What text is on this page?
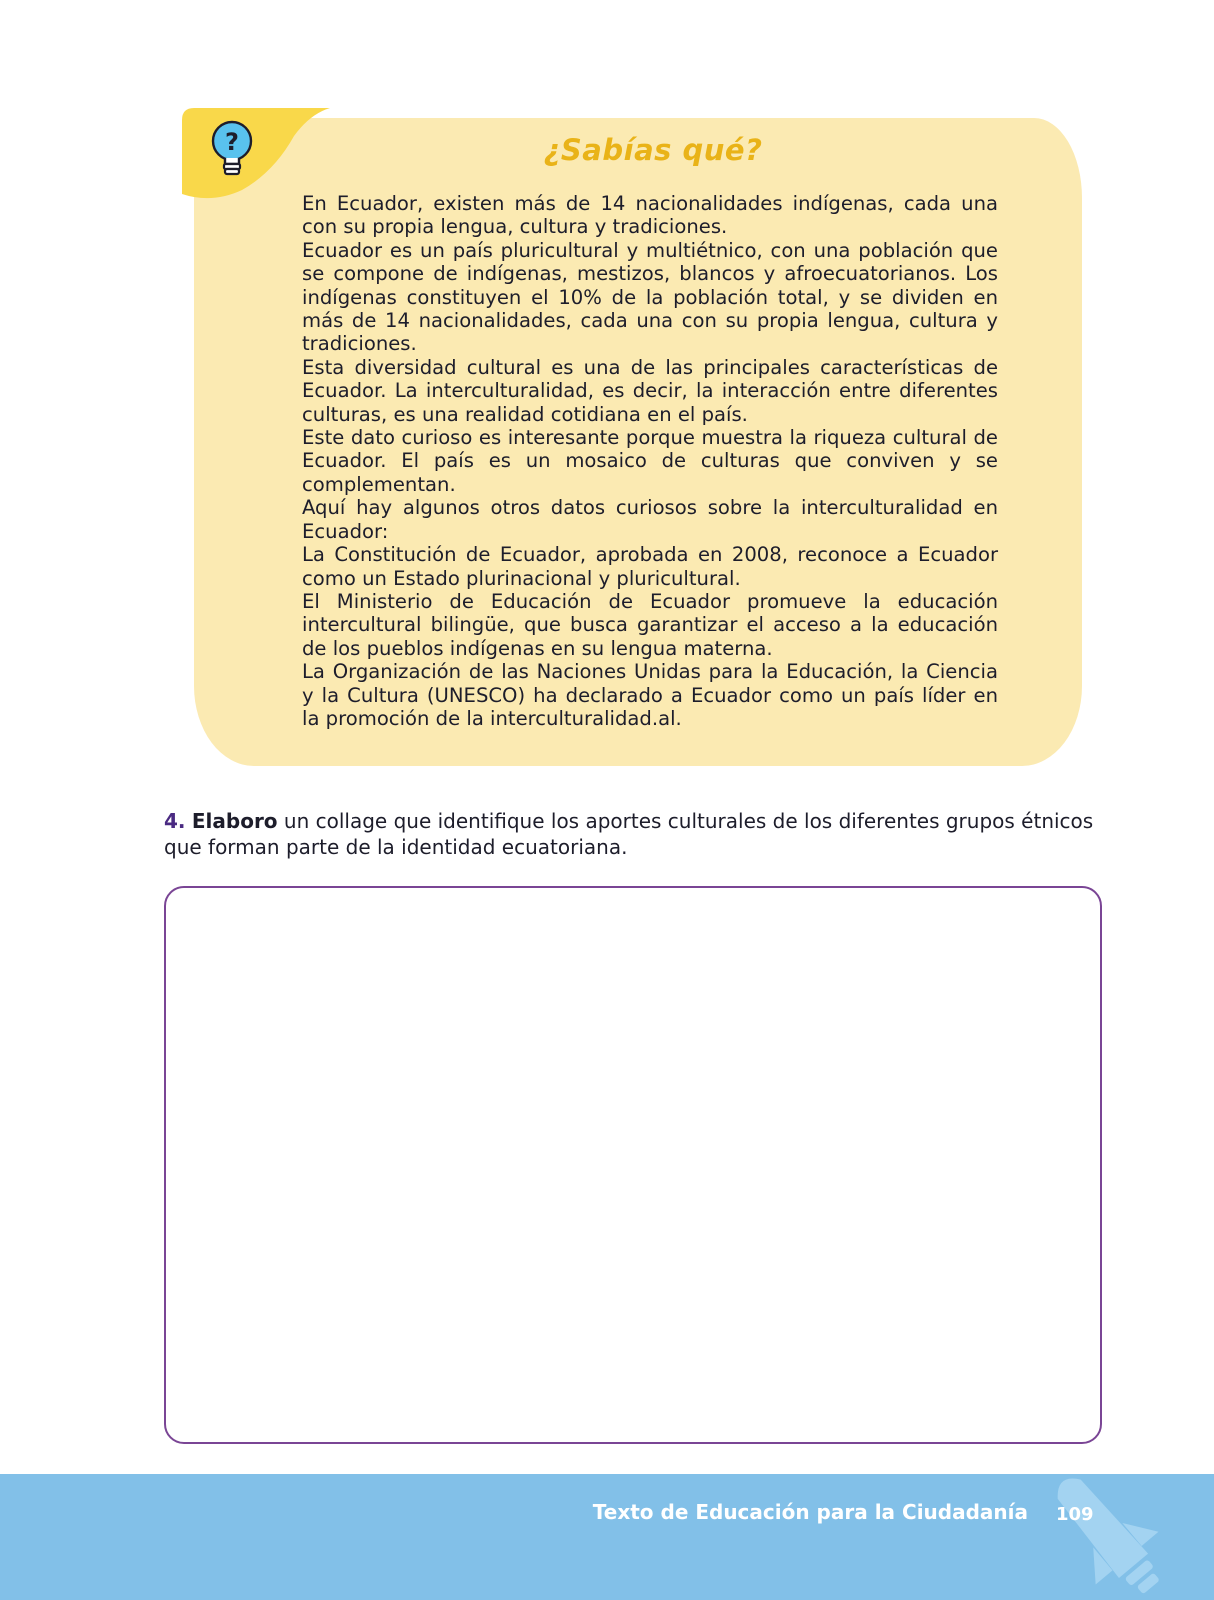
?	¿Sabías qué?

En Ecuador, existen más de 14 nacionalidades indígenas, cada una con su propia lengua, cultura y tradiciones.

Ecuador es un país pluricultural y multiétnico, con una población que se compone de indígenas, mestizos, blancos y afroecuatorianos. Los indígenas constituyen el 10% de la población total, y se dividen en más de 14 nacionalidades, cada una con su propia lengua, cultura y tradiciones.

Esta diversidad cultural es una de las principales características de Ecuador. La interculturalidad, es decir, la interacción entre diferentes culturas, es una realidad cotidiana en el país.

Este dato curioso es interesante porque muestra la riqueza cultural de Ecuador. El país es un mosaico de culturas que conviven y se complementan.

Aquí hay algunos otros datos curiosos sobre la interculturalidad en Ecuador:

La Constitución de Ecuador, aprobada en 2008, reconoce a Ecuador como un Estado plurinacional y pluricultural.

El Ministerio de Educación de Ecuador promueve la educación intercultural bilingüe, que busca garantizar el acceso a la educación de los pueblos indígenas en su lengua materna.

La Organización de las Naciones Unidas para la Educación, la Ciencia y la Cultura (UNESCO) ha declarado a Ecuador como un país líder en la promoción de la interculturalidad.al.

4. Elaboro un collage que identifique los aportes culturales de los diferentes grupos étnicos que forman parte de la identidad ecuatoriana.
Texto de Educación para la Ciudadanía 109
